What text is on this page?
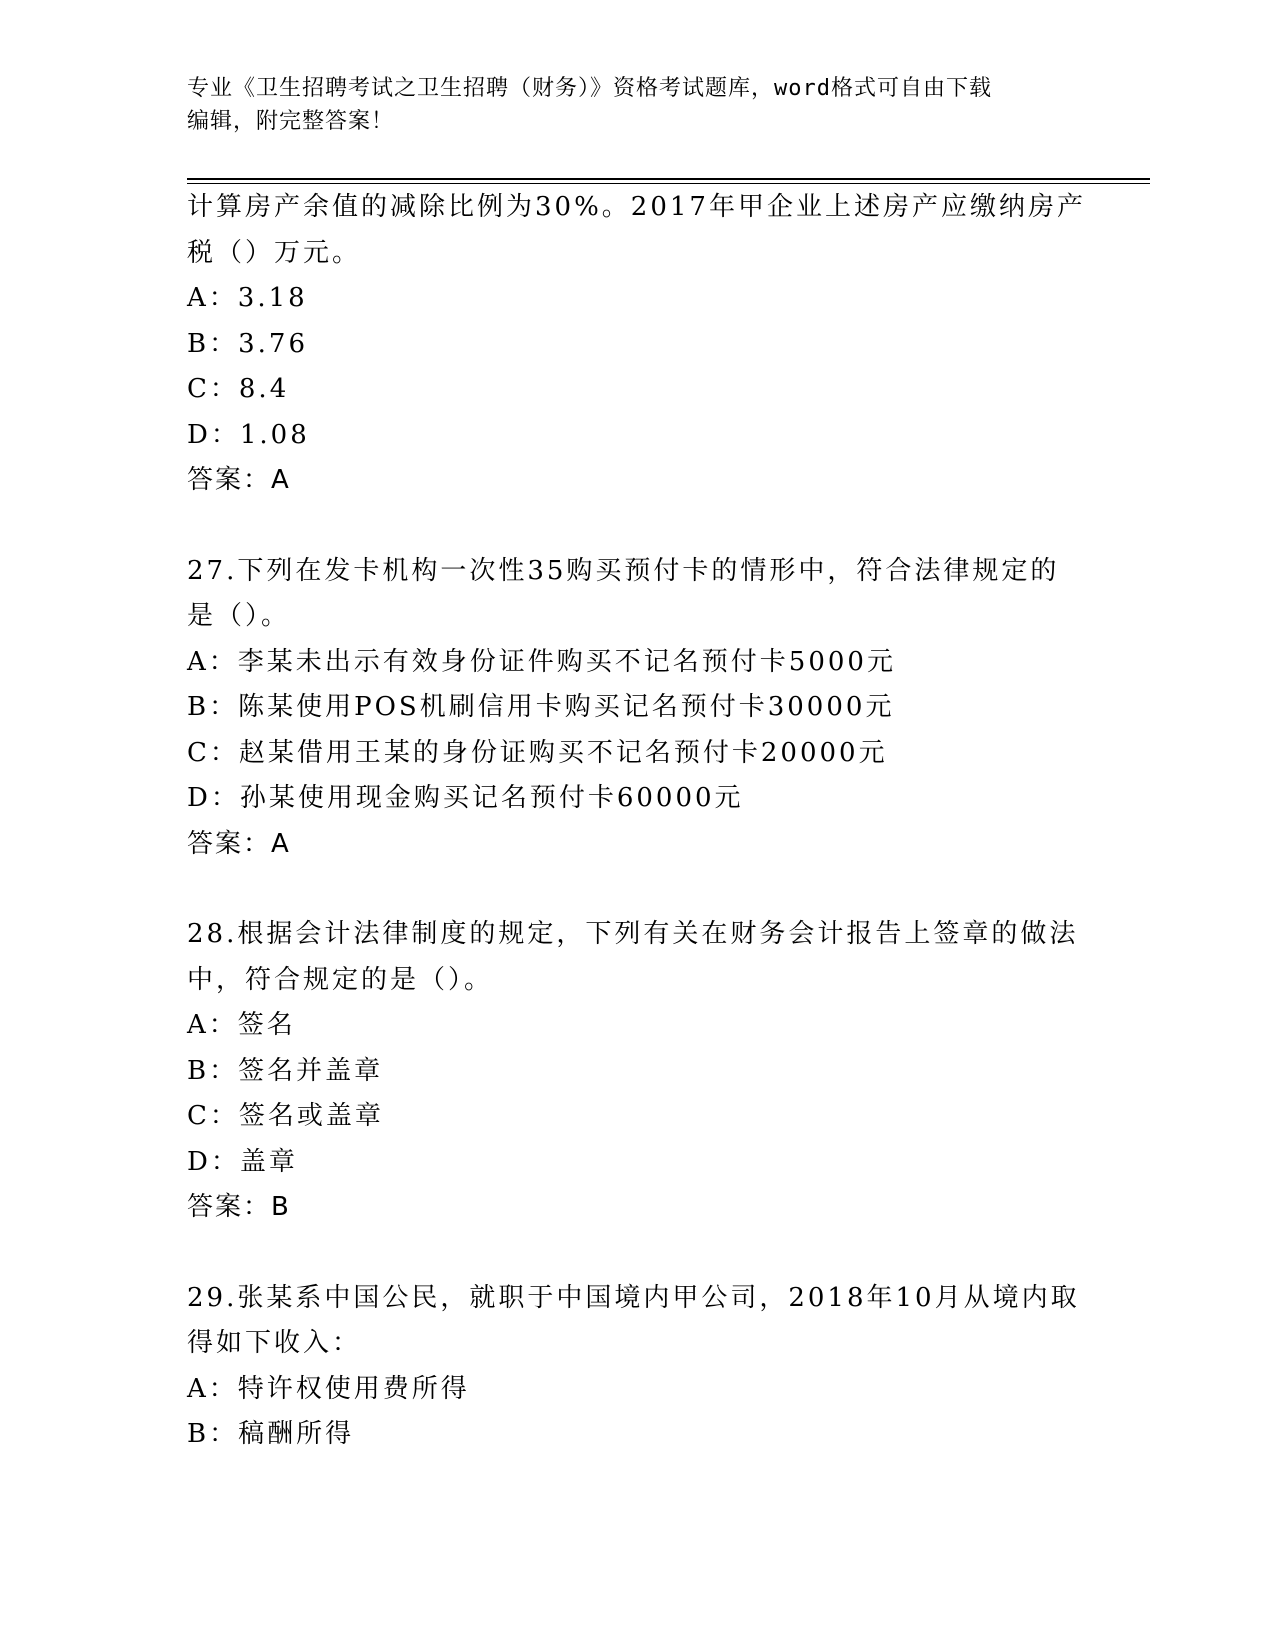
专业《卫生招聘考试之卫生招聘（财务）》资格考试题库，word格式可自由下载
编辑，附完整答案！
计算房产余值的减除比例为30%。2017年甲企业上述房产应缴纳房产
税（）万元。
A：3.18
B：3.76
C：8.4
D：1.08
答案：A
27.下列在发卡机构一次性35购买预付卡的情形中，符合法律规定的
是（）。
A：李某未出示有效身份证件购买不记名预付卡5000元
B：陈某使用POS机刷信用卡购买记名预付卡30000元
C：赵某借用王某的身份证购买不记名预付卡20000元
D：孙某使用现金购买记名预付卡60000元
答案：A
28.根据会计法律制度的规定，下列有关在财务会计报告上签章的做法
中，符合规定的是（）。
A：签名
B：签名并盖章
C：签名或盖章
D：盖章
答案：B
29.张某系中国公民，就职于中国境内甲公司，2018年10月从境内取
得如下收入：
A：特许权使用费所得
B：稿酬所得
